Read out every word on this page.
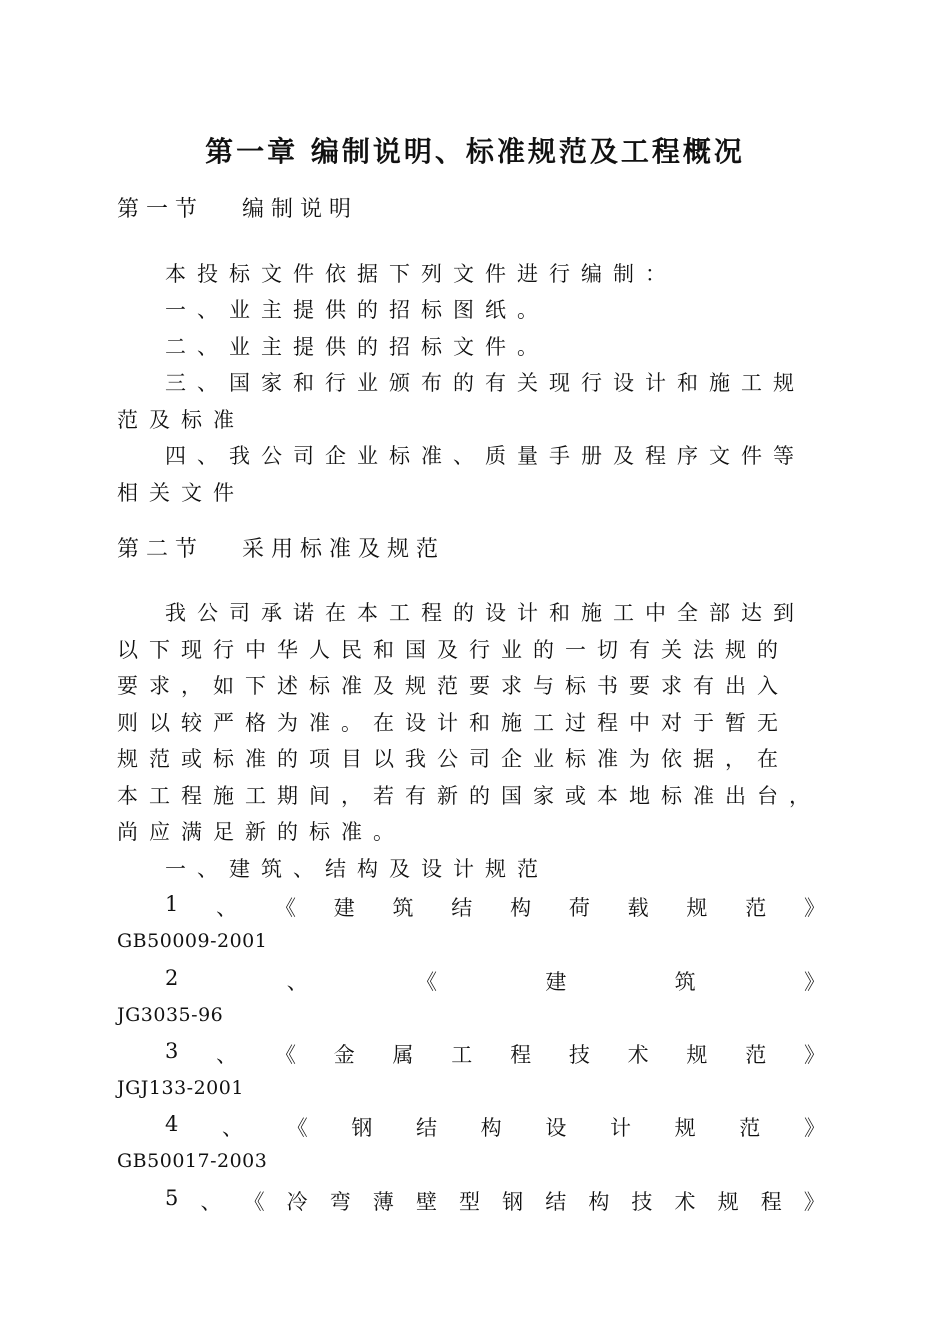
第一章 编制说明、标准规范及工程概况

第一节 编制说明

本投标文件依据下列文件进行编制：

一、业主提供的招标图纸。

二、业主提供的招标文件。

三、国家和行业颁布的有关现行设计和施工规

范及标准

四、我公司企业标准、质量手册及程序文件等

相关文件

第二节 采用标准及规范

我公司承诺在本工程的设计和施工中全部达到

以下现行中华人民和国及行业的一切有关法规的

要求，如下述标准及规范要求与标书要求有出入

则以较严格为准。在设计和施工过程中对于暂无

规范或标准的项目以我公司企业标准为依据，在

本工程施工期间，若有新的国家或本地标准出台，

尚应满足新的标准。

一、建筑、结构及设计规范

1 、 《 建 筑 结 构 荷 载 规 范 》

GB50009-2001

2	、	《	建	筑	》

JG3035-96

3 、 《 金 属 工 程 技 术 规 范 》

JGJ133-2001

4 、 《 钢 结 构 设 计 规 范 》

GB50017-2003

5 、 《 冷 弯 薄 壁 型 钢 结 构 技 术 规 程 》
